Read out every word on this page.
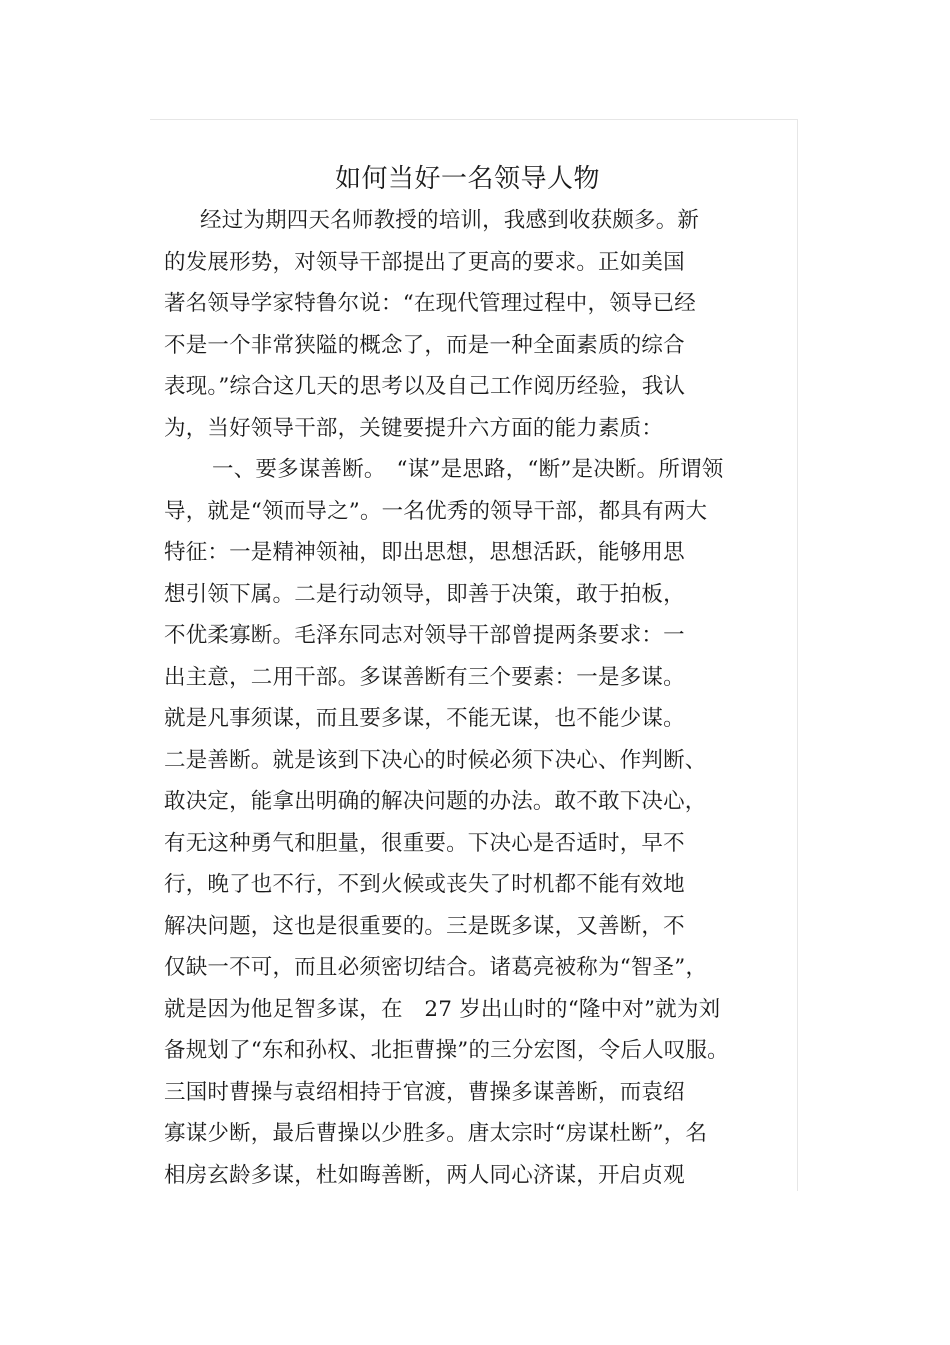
如何当好一名领导人物
经过为期四天名师教授的培训，我感到收获颇多。新
的发展形势，对领导干部提出了更高的要求。正如美国
著名领导学家特鲁尔说：“在现代管理过程中，领导已经
不是一个非常狭隘的概念了，而是一种全面素质的综合
表现。”综合这几天的思考以及自己工作阅历经验，我认
为，当好领导干部，关键要提升六方面的能力素质：
一、要多谋善断。　“谋”是思路，“断”是决断。所谓领
导，就是“领而导之”。一名优秀的领导干部，都具有两大
特征：一是精神领袖，即出思想，思想活跃，能够用思
想引领下属。二是行动领导，即善于决策，敢于拍板，
不优柔寡断。毛泽东同志对领导干部曾提两条要求：一
出主意，二用干部。多谋善断有三个要素：一是多谋。
就是凡事须谋，而且要多谋，不能无谋，也不能少谋。
二是善断。就是该到下决心的时候必须下决心、作判断、
敢决定，能拿出明确的解决问题的办法。敢不敢下决心，
有无这种勇气和胆量，很重要。下决心是否适时，早不
行，晚了也不行，不到火候或丧失了时机都不能有效地
解决问题，这也是很重要的。三是既多谋，又善断，不
仅缺一不可，而且必须密切结合。诸葛亮被称为“智圣”，
就是因为他足智多谋，在　27 岁出山时的“隆中对”就为刘
备规划了“东和孙权、北拒曹操”的三分宏图，令后人叹服。
三国时曹操与袁绍相持于官渡，曹操多谋善断，而袁绍
寡谋少断，最后曹操以少胜多。唐太宗时“房谋杜断”，名
相房玄龄多谋，杜如晦善断，两人同心济谋，开启贞观
